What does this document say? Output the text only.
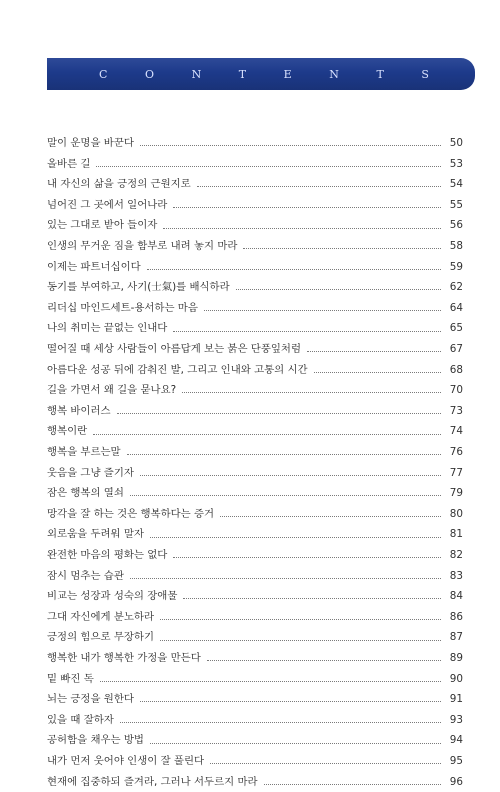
C	O	N	T	E	N	T	S
말이 운명을 바꾼다	50
올바른 길	53
내 자신의 삶을 긍정의 근원지로	54
넘어진 그 곳에서 일어나라	55
있는 그대로 받아 들이자	56
인생의 무거운 짐을 함부로 내려 놓지 마라	58
이제는 파트너십이다	59
동기를 부여하고, 사기(士氣)를 배식하라	62
리더십 마인드세트-용서하는 마음	64
나의 취미는 끝없는 인내다	65
떨어질 때 세상 사람들이 아름답게 보는 붉은 단풍잎처럼	67
아름다운 성공 뒤에 감춰진 발, 그리고 인내와 고통의 시간	68
길을 가면서 왜 길을 묻나요?	70
행복 바이러스	73
행복이란	74
행복을 부르는말	76
웃음을 그냥 즐기자	77
잠은 행복의 열쇠	79
망각을 잘 하는 것은 행복하다는 증거	80
외로움을 두려워 말자	81
완전한 마음의 평화는 없다	82
잠시 멈추는 습관	83
비교는 성장과 성숙의 장애물	84
그대 자신에게 분노하라	86
긍정의 힘으로 무장하기	87
행복한 내가 행복한 가정을 만든다	89
밑 빠진 독	90
뇌는 긍정을 원한다	91
있을 때 잘하자	93
공허함을 채우는 방법	94
내가 먼저 웃어야 인생이 잘 풀린다	95
현재에 집중하되 즐겨라, 그러나 서두르지 마라	96
